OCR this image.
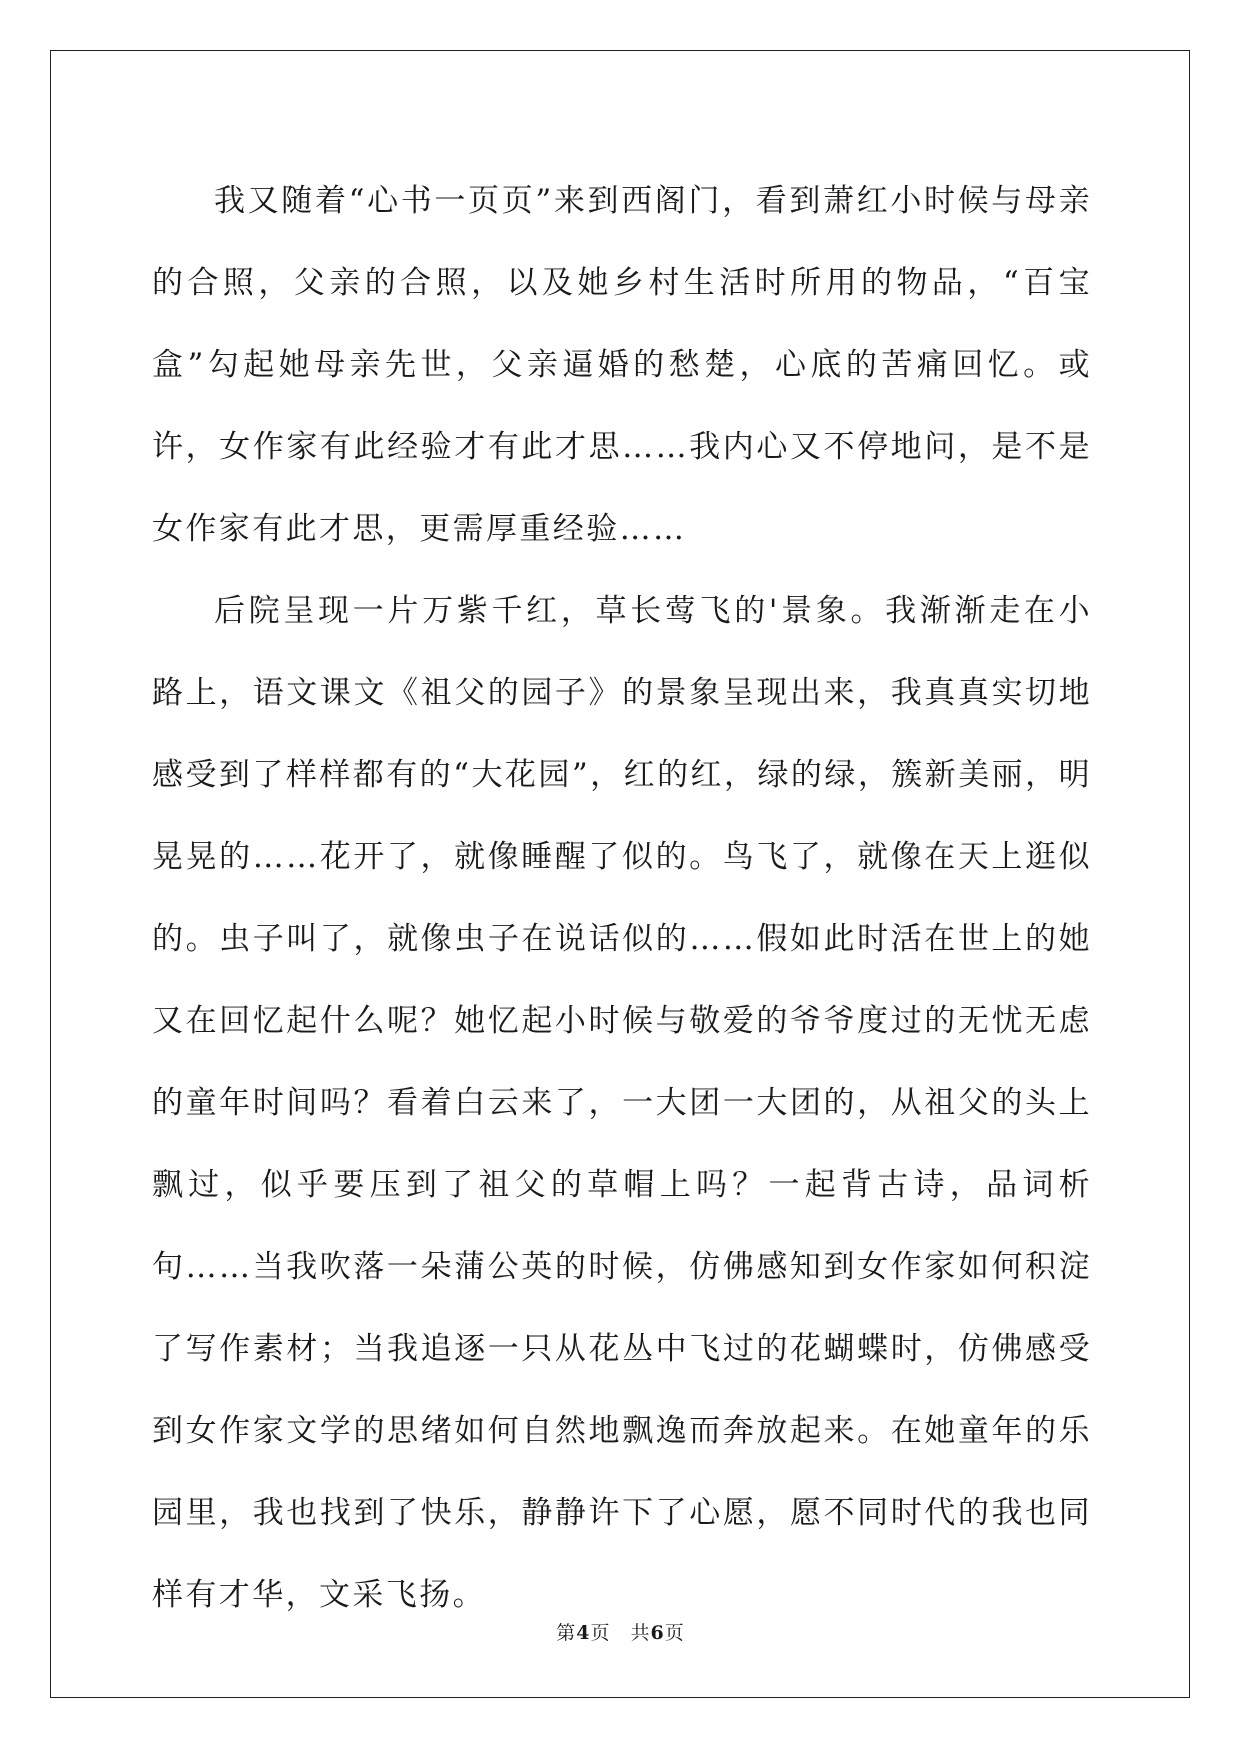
我又随着“心书一页页”来到西阁门，看到萧红小时候与母亲的合照，父亲的合照，以及她乡村生活时所用的物品，“百宝盒”勾起她母亲先世，父亲逼婚的愁楚，心底的苦痛回忆。或许，女作家有此经验才有此才思……我内心又不停地问，是不是女作家有此才思，更需厚重经验……

后院呈现一片万紫千红，草长莺飞的'景象。我渐渐走在小路上，语文课文《祖父的园子》的景象呈现出来，我真真实切地感受到了样样都有的“大花园”，红的红，绿的绿，簇新美丽，明晃晃的……花开了，就像睡醒了似的。鸟飞了，就像在天上逛似的。虫子叫了，就像虫子在说话似的……假如此时活在世上的她又在回忆起什么呢？她忆起小时候与敬爱的爷爷度过的无忧无虑的童年时间吗？看着白云来了，一大团一大团的，从祖父的头上飘过，似乎要压到了祖父的草帽上吗？一起背古诗，品词析句……当我吹落一朵蒲公英的时候，仿佛感知到女作家如何积淀了写作素材；当我追逐一只从花丛中飞过的花蝴蝶时，仿佛感受到女作家文学的思绪如何自然地飘逸而奔放起来。在她童年的乐园里，我也找到了快乐，静静许下了心愿，愿不同时代的我也同样有才华，文采飞扬。

第4页 共6页
